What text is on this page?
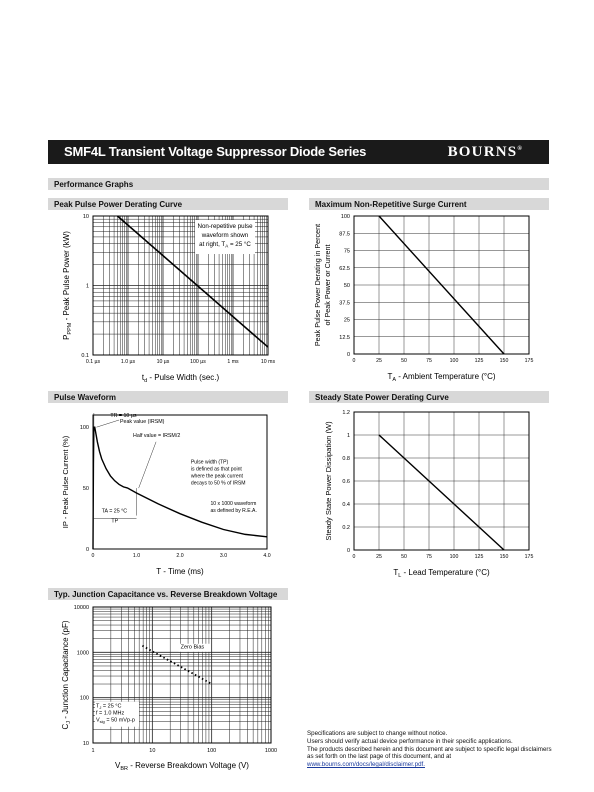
SMF4L Transient Voltage Suppressor Diode Series	BOURNS®
Performance Graphs
Peak Pulse Power Derating Curve	Maximum Non-Repetitive Surge Current
Pulse Waveform	Steady State Power Derating Curve
Typ. Junction Capacitance vs. Reverse Breakdown Voltage
0.1 µs	1.0 µs	10 µs	100 µs	1 ms	10 ms
0.1
1
10
Non-repetitive pulse
waveform shown
at right, $T_A = 25$ °C
$t_d$ - Pulse Width (sec.)
$P_{PPM}$ - Peak Pulse Power (kW)
0	25	50	75	100	125	150	175
0
12.5
25
37.5
50
62.5
75
87.5
100
$T_A$ - Ambient Temperature (°C)
Peak Pulse Power Derating in Percent of Peak Power or Current
0	25	50	75	100	125	150	175
0
0.2
0.4
0.6
0.8
1
1.2
$T_L$ - Lead Temperature (°C)
Steady State Power Dissipation (W)
0	1.0	2.0	3.0	4.0
0
50
100
TR = 10 µs
Peak value (IRSM)
Half value = IRSM/2
Pulse width (TP)
is defined as that point
where the peak current
decays to 50 % of IRSM
10 x 1000 waveform
as defined by R.E.A.
TA = 25 °C
TP
T - Time (ms)
IP - Peak Pulse Current (%)
1	10	100	1000
10
100
1000
10000
Zero Bias
$T_J = 25$ °C
f = 1.0 MHz
$V_{sig} = 50$ mVp-p
$V_{BR}$ - Reverse Breakdown Voltage (V)
$C_J$ - Junction Capacitance (pF)
Specifications are subject to change without notice.
Users should verify actual device performance in their specific applications.
The products described herein and this document are subject to specific legal disclaimers
as set forth on the last page of this document, and at
www.bourns.com/docs/legal/disclaimer.pdf.
